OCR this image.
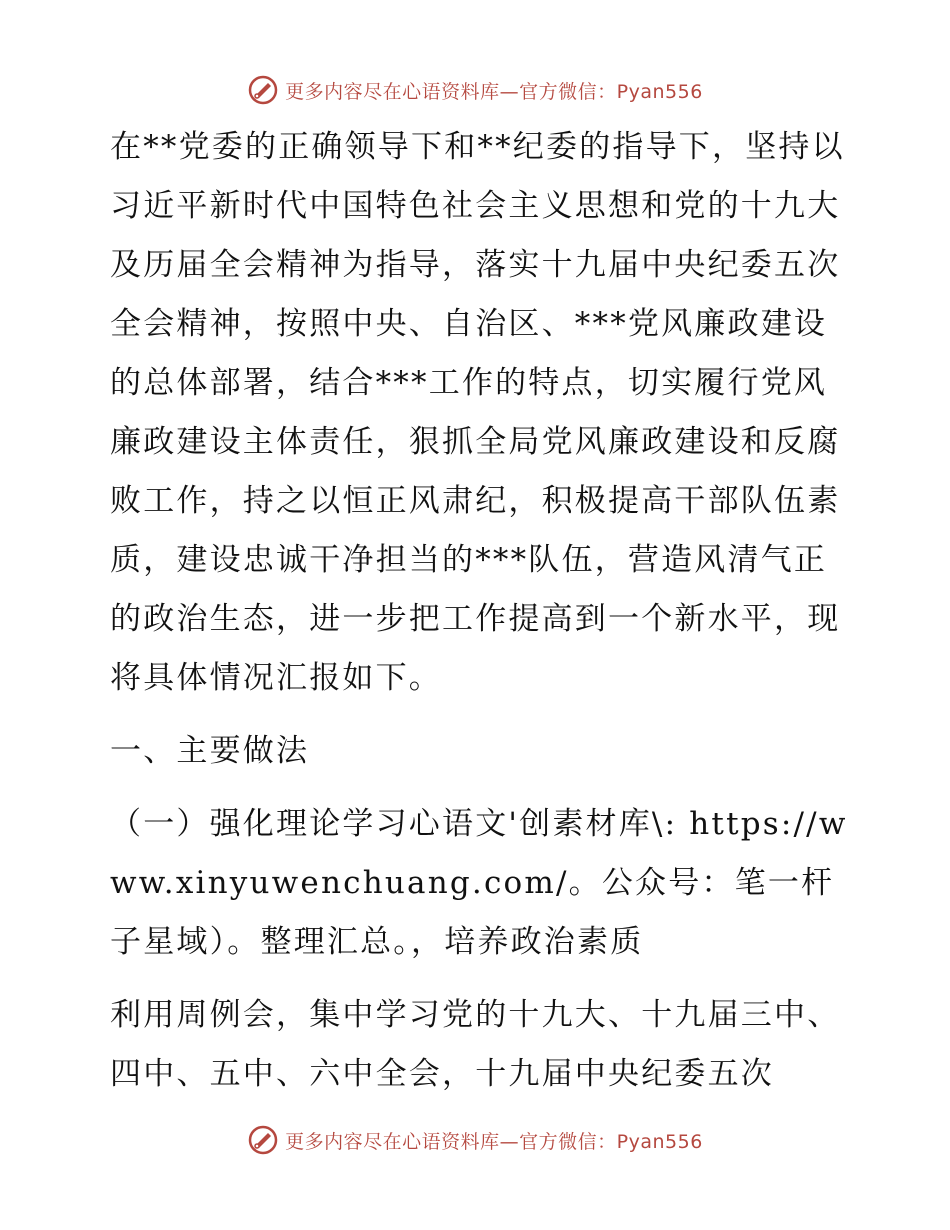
更多内容尽在心语资料库—官方微信：Pyan556

在**党委的正确领导下和**纪委的指导下，坚持以习近平新时代中国特色社会主义思想和党的十九大及历届全会精神为指导，落实十九届中央纪委五次全会精神，按照中央、自治区、***党风廉政建设的总体部署，结合***工作的特点，切实履行党风廉政建设主体责任，狠抓全局党风廉政建设和反腐败工作，持之以恒正风肃纪，积极提高干部队伍素质，建设忠诚干净担当的***队伍，营造风清气正的政治生态，进一步把工作提高到一个新水平，现将具体情况汇报如下。

一、主要做法

（一）强化理论学习心语文'创素材库\: https://www.xinyuwenchuang.com/。公众号：笔一杆子星域）。整理汇总。，培养政治素质

利用周例会，集中学习党的十九大、十九届三中、四中、五中、六中全会，十九届中央纪委五次

更多内容尽在心语资料库—官方微信：Pyan556
